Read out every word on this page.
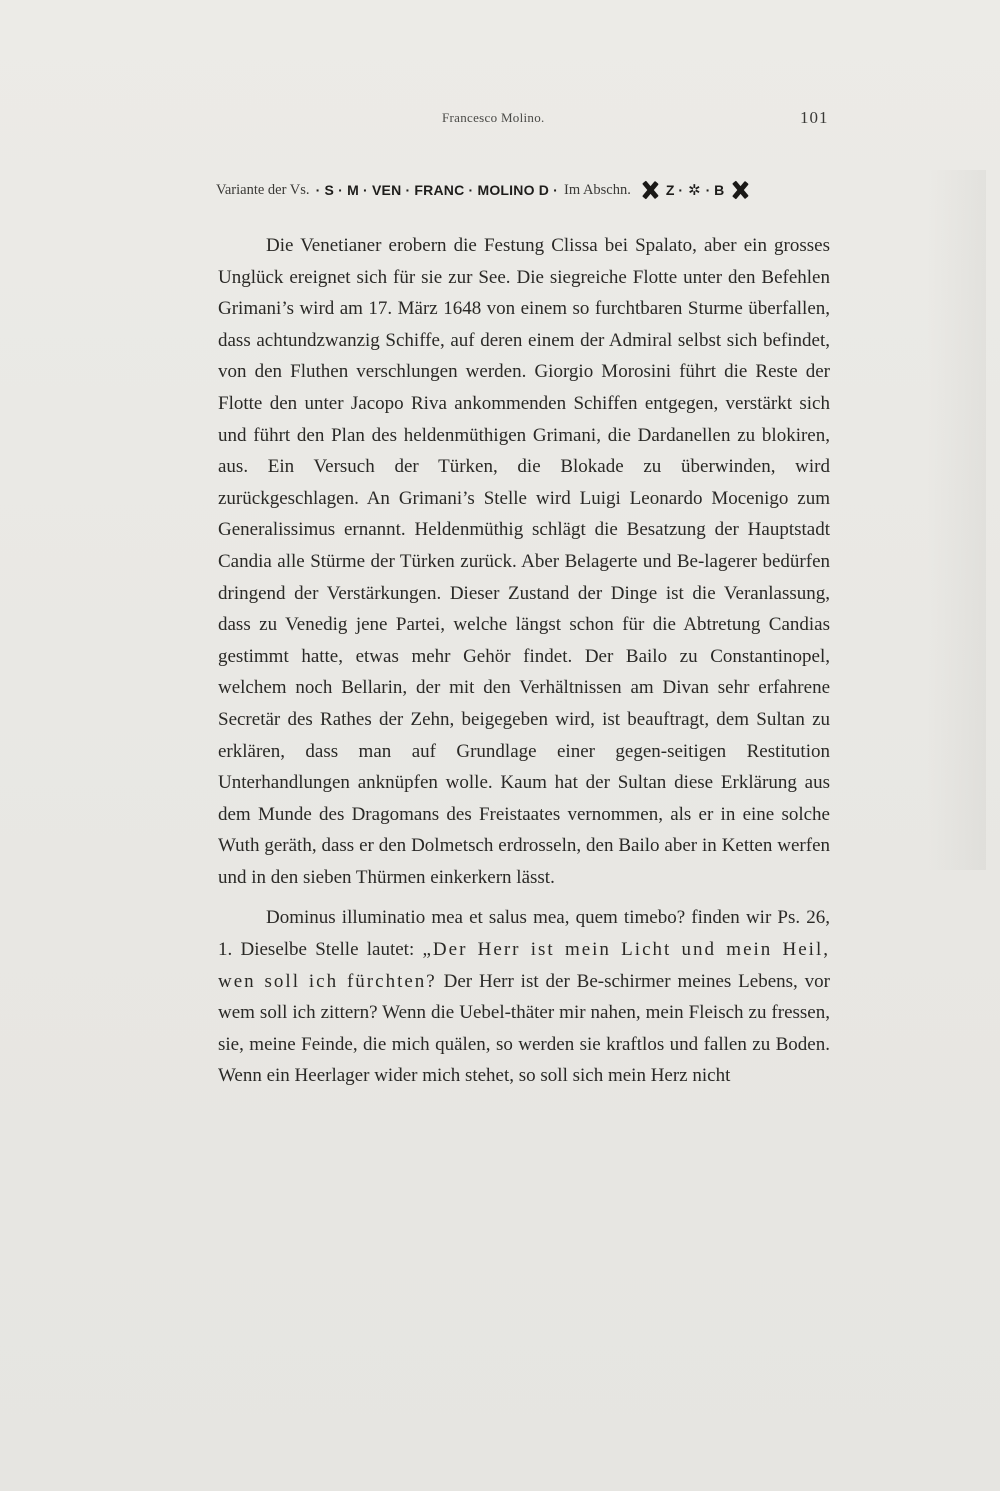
Francesco Molino.	101
Variante der Vs. · S · M · VEN · FRANC · MOLINO D · Im Abschn.	Z · ✲ · B

Die Venetianer erobern die Festung Clissa bei Spalato, aber ein grosses Unglück ereignet sich für sie zur See. Die siegreiche Flotte unter den Befehlen Grimani’s wird am 17. März 1648 von einem so furchtbaren Sturme überfallen, dass achtundzwanzig Schiffe, auf deren einem der Admiral selbst sich befindet, von den Fluthen verschlungen werden. Giorgio Morosini führt die Reste der Flotte den unter Jacopo Riva ankommenden Schiffen entgegen, verstärkt sich und führt den Plan des heldenmüthigen Grimani, die Dardanellen zu blokiren, aus. Ein Versuch der Türken, die Blokade zu überwinden, wird zurückgeschlagen. An Grimani’s Stelle wird Luigi Leonardo Mocenigo zum Generalissimus ernannt. Heldenmüthig schlägt die Besatzung der Hauptstadt Candia alle Stürme der Türken zurück. Aber Belagerte und Be-lagerer bedürfen dringend der Verstärkungen. Dieser Zustand der Dinge ist die Veranlassung, dass zu Venedig jene Partei, welche längst schon für die Abtretung Candias gestimmt hatte, etwas mehr Gehör findet. Der Bailo zu Constantinopel, welchem noch Bellarin, der mit den Verhältnissen am Divan sehr erfahrene Secretär des Rathes der Zehn, beigegeben wird, ist beauftragt, dem Sultan zu erklären, dass man auf Grundlage einer gegen-seitigen Restitution Unterhandlungen anknüpfen wolle. Kaum hat der Sultan diese Erklärung aus dem Munde des Dragomans des Freistaates vernommen, als er in eine solche Wuth geräth, dass er den Dolmetsch erdrosseln, den Bailo aber in Ketten werfen und in den sieben Thürmen einkerkern lässt.

Dominus illuminatio mea et salus mea, quem timebo? finden wir Ps. 26, 1. Dieselbe Stelle lautet: „Der Herr ist mein Licht und mein Heil, wen soll ich fürchten? Der Herr ist der Be-schirmer meines Lebens, vor wem soll ich zittern? Wenn die Uebel-thäter mir nahen, mein Fleisch zu fressen, sie, meine Feinde, die mich quälen, so werden sie kraftlos und fallen zu Boden. Wenn ein Heerlager wider mich stehet, so soll sich mein Herz nicht
